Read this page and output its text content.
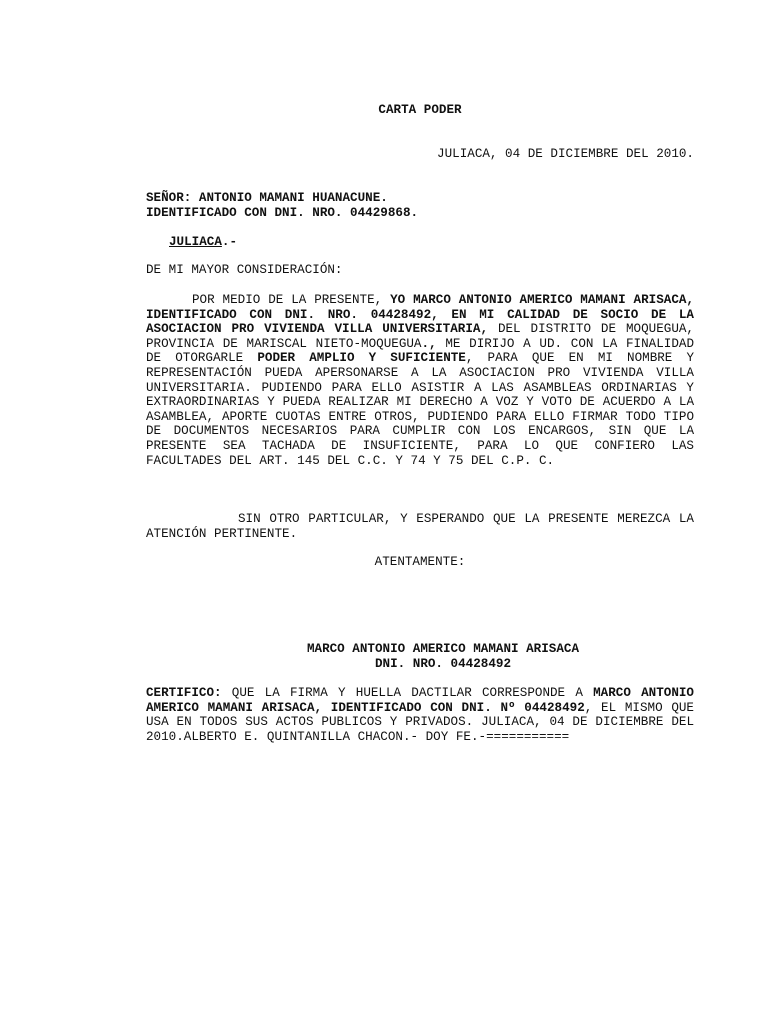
CARTA PODER

JULIACA, 04 DE DICIEMBRE DEL 2010.

SEÑOR: ANTONIO MAMANI HUANACUNE.
IDENTIFICADO CON DNI. NRO. 04429868.

JULIACA.-

DE MI MAYOR CONSIDERACIÓN:

POR MEDIO DE LA PRESENTE, YO MARCO ANTONIO AMERICO MAMANI ARISACA, IDENTIFICADO CON DNI. NRO. 04428492, EN MI CALIDAD DE SOCIO DE LA ASOCIACION PRO VIVIENDA VILLA UNIVERSITARIA, DEL DISTRITO DE MOQUEGUA, PROVINCIA DE MARISCAL NIETO-MOQUEGUA., ME DIRIJO A UD. CON LA FINALIDAD DE OTORGARLE PODER AMPLIO Y SUFICIENTE, PARA QUE EN MI NOMBRE Y REPRESENTACIÓN PUEDA APERSONARSE A LA ASOCIACION PRO VIVIENDA VILLA UNIVERSITARIA. PUDIENDO PARA ELLO ASISTIR A LAS ASAMBLEAS ORDINARIAS Y EXTRAORDINARIAS Y PUEDA REALIZAR MI DERECHO A VOZ Y VOTO DE ACUERDO A LA ASAMBLEA, APORTE CUOTAS ENTRE OTROS, PUDIENDO PARA ELLO FIRMAR TODO TIPO DE DOCUMENTOS NECESARIOS PARA CUMPLIR CON LOS ENCARGOS, SIN QUE LA PRESENTE SEA TACHADA DE INSUFICIENTE, PARA LO QUE CONFIERO LAS FACULTADES DEL ART. 145 DEL C.C. Y 74 Y 75 DEL C.P. C.

SIN OTRO PARTICULAR, Y ESPERANDO QUE LA PRESENTE MEREZCA LA ATENCIÓN PERTINENTE.

ATENTAMENTE:

MARCO ANTONIO AMERICO MAMANI ARISACA
DNI. NRO. 04428492

CERTIFICO: QUE LA FIRMA Y HUELLA DACTILAR CORRESPONDE A MARCO ANTONIO AMERICO MAMANI ARISACA, IDENTIFICADO CON DNI. Nº 04428492, EL MISMO QUE USA EN TODOS SUS ACTOS PUBLICOS Y PRIVADOS. JULIACA, 04 DE DICIEMBRE DEL 2010.ALBERTO E. QUINTANILLA CHACON.- DOY FE.-===========
